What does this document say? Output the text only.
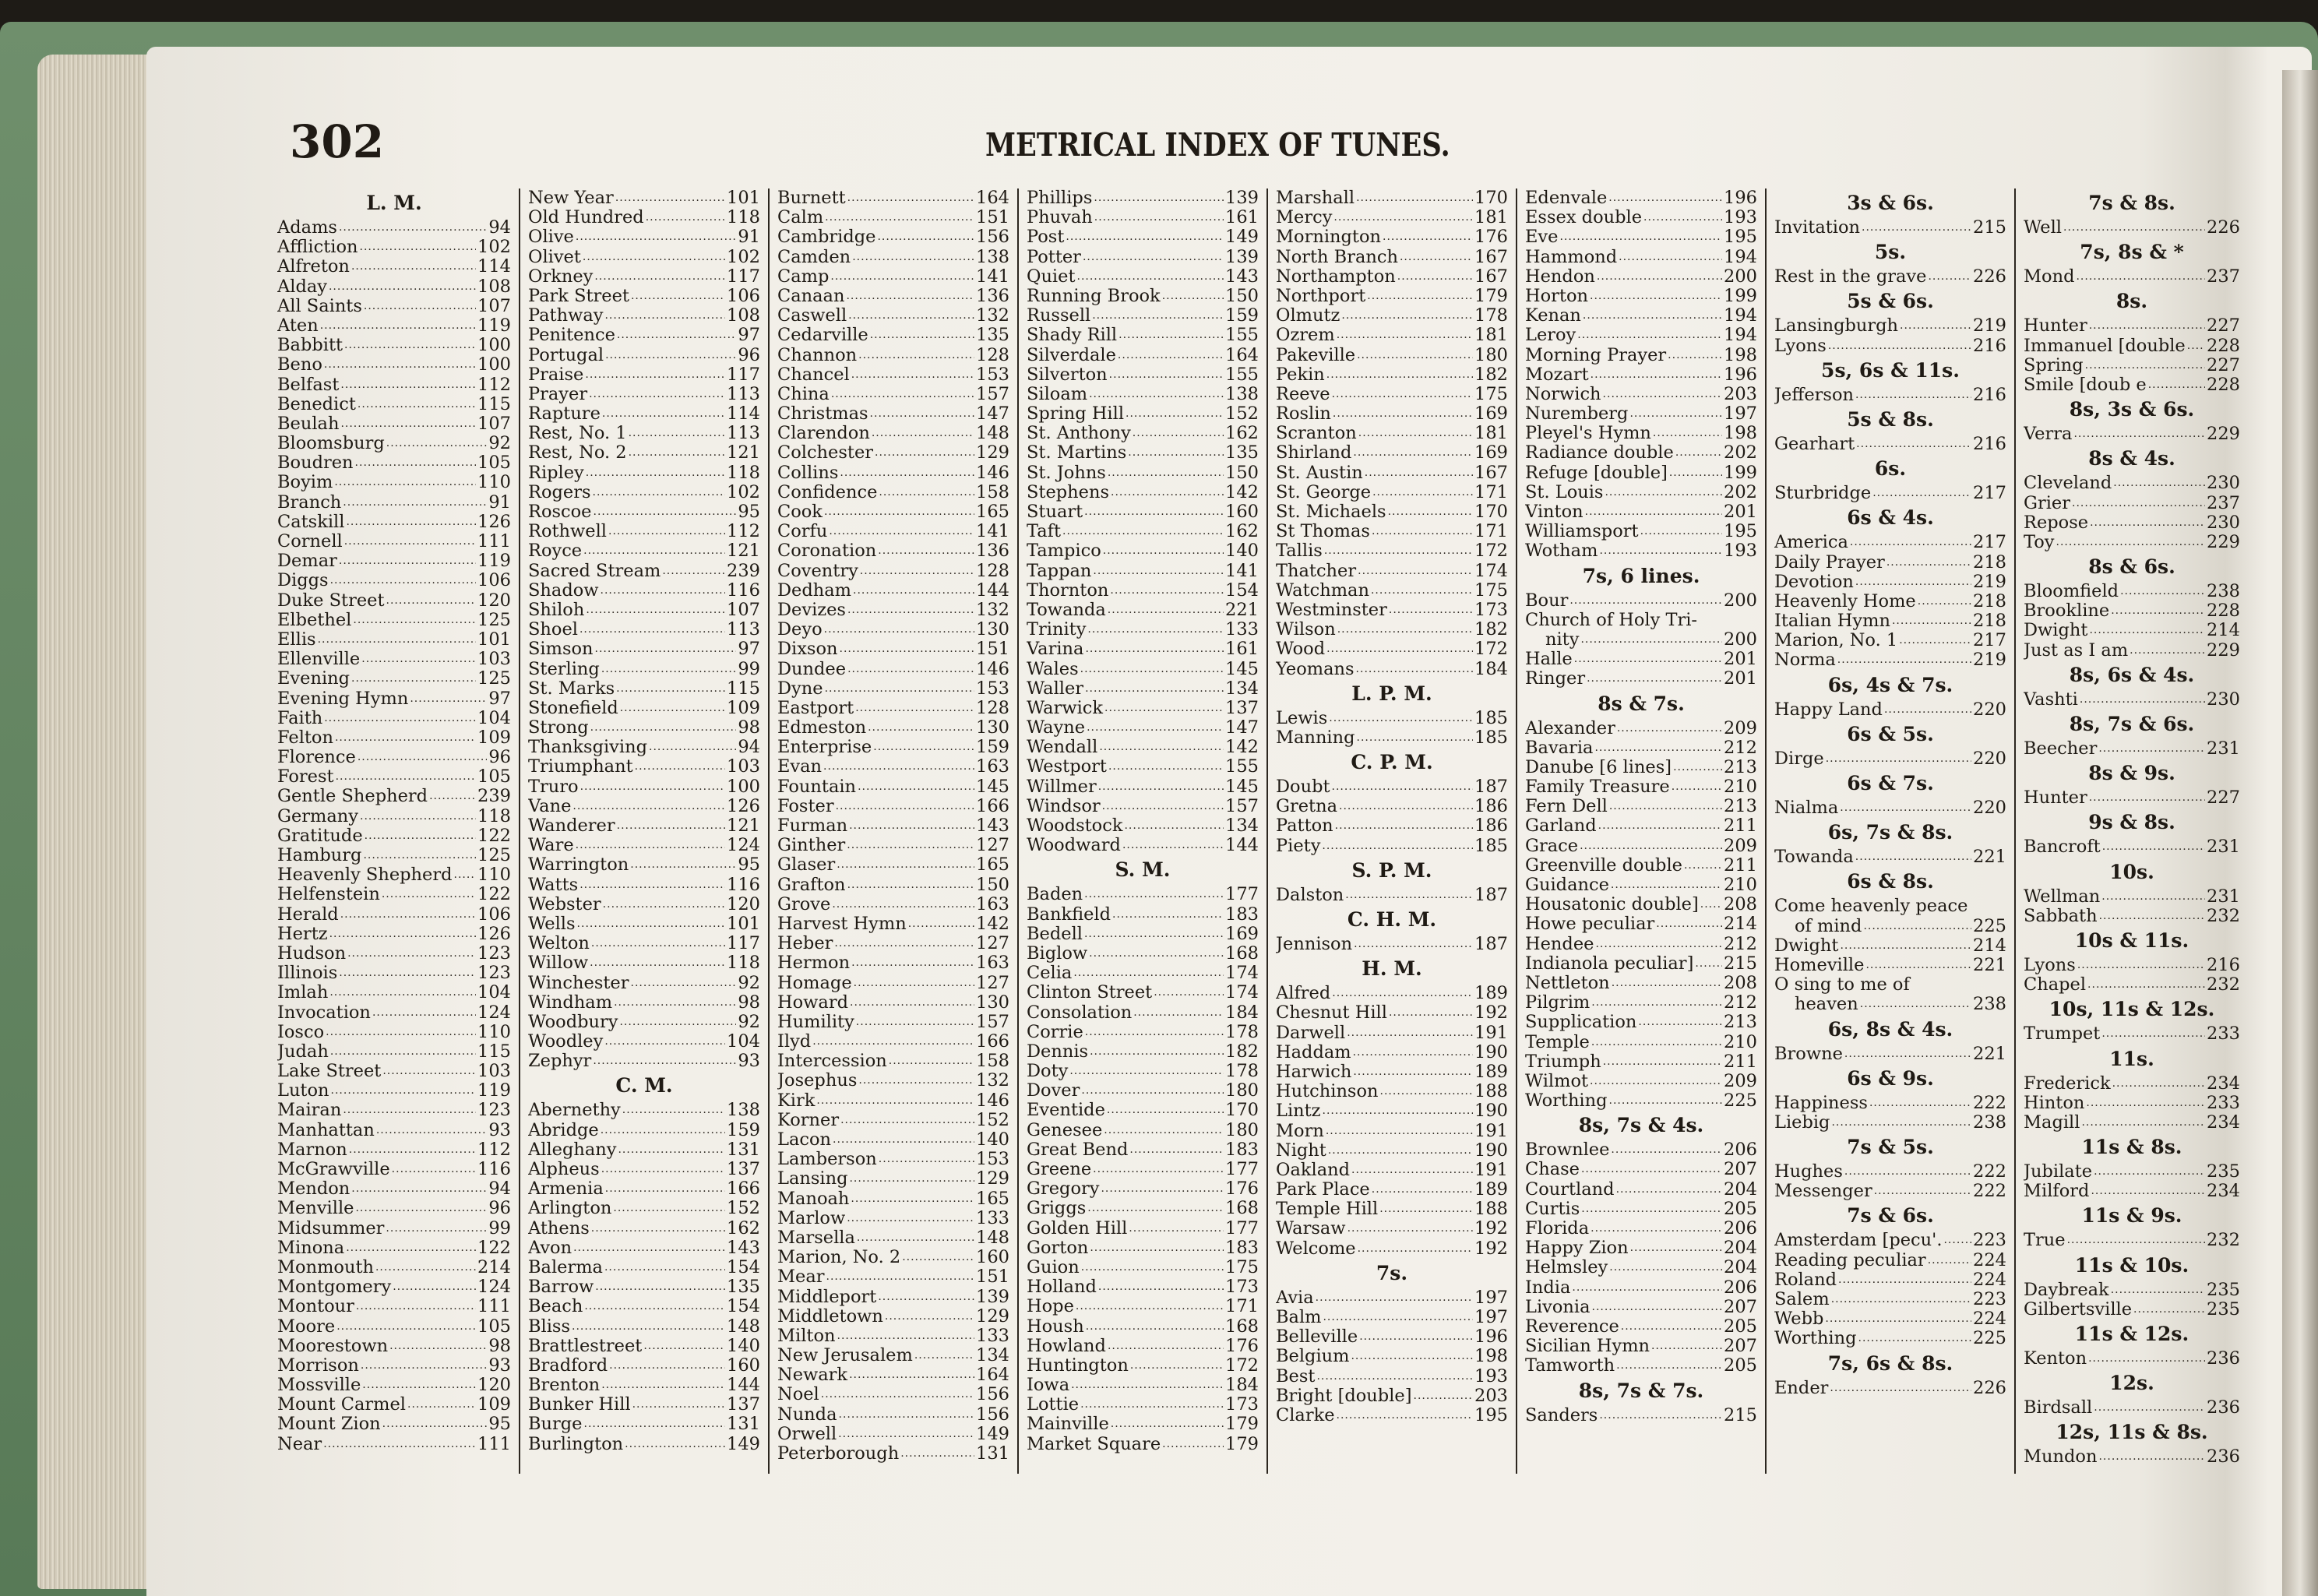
302	METRICAL INDEX OF TUNES.
L. M.
Adams .....	94
Affliction .....	102
Alfreton .....	114
Alday .....	108
All Saints .....	107
Aten .....	119
Babbitt .....	100
Beno .....	100
Belfast .....	112
Benedict .....	115
Beulah .....	107
Bloomsburg .....	92
Boudren .....	105
Boyim .....	110
Branch .....	91
Catskill .....	126
Cornell .....	111
Demar .....	119
Diggs .....	106
Duke Street .....	120
Elbethel .....	125
Ellis .....	101
Ellenville .....	103
Evening .....	125
Evening Hymn .....	97
Faith .....	104
Felton .....	109
Florence .....	96
Forest .....	105
Gentle Shepherd .....	239
Germany .....	118
Gratitude .....	122
Hamburg .....	125
Heavenly Shepherd ..... 110
Helfenstein .....	122
Herald .....	106
Hertz .....	126
Hudson .....	123
Illinois .....	123
Imlah .....	104
Invocation .....	124
Iosco .....	110
Judah .....	115
Lake Street .....	103
Luton .....	119
Mairan .....	123
Manhattan .....	93
Marnon .....	112
McGrawville .....	116
Mendon .....	94
Menville .....	96
Midsummer .....	99
Minona .....	122
Monmouth .....	214
Montgomery .....	124
Montour .....	111
Moore .....	105
Moorestown .....	98
Morrison .....	93
Mossville .....	120
Mount Carmel .....	109
Mount Zion .....	95
Near .....	111
New Year .....	101
Old Hundred .....	118
Olive .....	91
Olivet .....	102
Orkney .....	117
Park Street .....	106
Pathway .....	108
Penitence .....	97
Portugal .....	96
Praise .....	117
Prayer .....	113
Rapture .....	114
Rest, No. 1 .....	113
Rest, No. 2 .....	121
Ripley .....	118
Rogers .....	102
Roscoe .....	95
Rothwell .....	112
Royce .....	121
Sacred Stream .....	239
Shadow .....	116
Shiloh .....	107
Shoel .....	113
Simson .....	97
Sterling .....	99
St. Marks .....	115
Stonefield .....	109
Strong .....	98
Thanksgiving .....	94
Triumphant .....	103
Truro .....	100
Vane .....	126
Wanderer .....	121
Ware .....	124
Warrington .....	95
Watts .....	116
Webster .....	120
Wells .....	101
Welton .....	117
Willow .....	118
Winchester .....	92
Windham .....	98
Woodbury .....	92
Woodley .....	104
Zephyr .....	93
C. M.
Abernethy .....	138
Abridge .....	159
Alleghany .....	131
Alpheus .....	137
Armenia .....	166
Arlington .....	152
Athens .....	162
Avon .....	143
Balerma .....	154
Barrow .....	135
Beach .....	154
Bliss .....	148
Brattlestreet .....	140
Bradford .....	160
Brenton .....	144
Bunker Hill .....	137
Burge .....	131
Burlington .....	149
Burnett .....	164
Calm .....	151
Cambridge .....	156
Camden .....	138
Camp .....	141
Canaan .....	136
Caswell .....	132
Cedarville .....	135
Channon .....	128
Chancel .....	153
China .....	157
Christmas .....	147
Clarendon .....	148
Colchester .....	129
Collins .....	146
Confidence .....	158
Cook .....	165
Corfu .....	141
Coronation .....	136
Coventry .....	128
Dedham .....	144
Devizes .....	132
Deyo .....	130
Dixson .....	151
Dundee .....	146
Dyne .....	153
Eastport .....	128
Edmeston .....	130
Enterprise .....	159
Evan .....	163
Fountain .....	145
Foster .....	166
Furman .....	143
Ginther .....	127
Glaser .....	165
Grafton .....	150
Grove .....	163
Harvest Hymn .....	142
Heber .....	127
Hermon .....	163
Homage .....	127
Howard .....	130
Humility .....	157
Ilyd .....	166
Intercession .....	158
Josephus .....	132
Kirk .....	146
Korner .....	152
Lacon .....	140
Lamberson .....	153
Lansing .....	129
Manoah .....	165
Marlow .....	133
Marsella .....	148
Marion, No. 2 .....	160
Mear .....	151
Middleport .....	139
Middletown .....	129
Milton .....	133
New Jerusalem .....	134
Newark .....	164
Noel .....	156
Nunda .....	156
Orwell .....	149
Peterborough .....	131
Phillips .....	139
Phuvah .....	161
Post .....	149
Potter .....	139
Quiet .....	143
Running Brook .....	150
Russell .....	159
Shady Rill .....	155
Silverdale .....	164
Silverton .....	155
Siloam .....	138
Spring Hill .....	152
St. Anthony .....	162
St. Martins .....	135
St. Johns .....	150
Stephens .....	142
Stuart .....	160
Taft .....	162
Tampico .....	140
Tappan .....	141
Thornton .....	154
Towanda .....	221
Trinity .....	133
Varina .....	161
Wales .....	145
Waller .....	134
Warwick .....	137
Wayne .....	147
Wendall .....	142
Westport .....	155
Willmer .....	145
Windsor .....	157
Woodstock .....	134
Woodward .....	144
S. M.
Baden .....	177
Bankfield .....	183
Bedell .....	169
Biglow .....	168
Celia .....	174
Clinton Street .....	174
Consolation .....	184
Corrie .....	178
Dennis .....	182
Doty .....	178
Dover .....	180
Eventide .....	170
Genesee .....	180
Great Bend .....	183
Greene .....	177
Gregory .....	176
Griggs .....	168
Golden Hill .....	177
Gorton .....	183
Guion .....	175
Holland .....	173
Hope .....	171
Housh .....	168
Howland .....	176
Huntington .....	172
Iowa .....	184
Lottie .....	173
Mainville .....	179
Market Square .....	179
Marshall .....	170
Mercy .....	181
Mornington .....	176
North Branch .....	167
Northampton .....	167
Northport .....	179
Olmutz .....	178
Ozrem .....	181
Pakeville .....	180
Pekin .....	182
Reeve .....	175
Roslin .....	169
Scranton .....	181
Shirland .....	169
St. Austin .....	167
St. George .....	171
St. Michaels .....	170
St Thomas .....	171
Tallis .....	172
Thatcher .....	174
Watchman .....	175
Westminster .....	173
Wilson .....	182
Wood .....	172
Yeomans .....	184
L. P. M.
Lewis .....	185
Manning .....	185
C. P. M.
Doubt .....	187
Gretna .....	186
Patton .....	186
Piety .....	185
S. P. M.
Dalston .....	187
C. H. M.
Jennison .....	187
H. M.
Alfred .....	189
Chesnut Hill .....	192
Darwell .....	191
Haddam .....	190
Harwich .....	189
Hutchinson .....	188
Lintz .....	190
Morn .....	191
Night .....	190
Oakland .....	191
Park Place .....	189
Temple Hill .....	188
Warsaw .....	192
Welcome .....	192
7s.
Avia .....	197
Balm .....	197
Belleville .....	196
Belgium .....	198
Best .....	193
Bright [double] .....	203
Clarke .....	195
Edenvale .....	196
Essex double .....	193
Eve .....	195
Hammond .....	194
Hendon .....	200
Horton .....	199
Kenan .....	194
Leroy .....	194
Morning Prayer .....	198
Mozart .....	196
Norwich .....	203
Nuremberg .....	197
Pleyel's Hymn .....	198
Radiance double .....	202
Refuge [double] .....	199
St. Louis .....	202
Vinton .....	201
Williamsport .....	195
Wotham .....	193
7s, 6 lines.
Bour .....	200
Church of Holy Tri-
nity .....	200
Halle .....	201
Ringer .....	201
8s & 7s.
Alexander .....	209
Bavaria .....	212
Danube [6 lines] .....	213
Family Treasure .....	210
Fern Dell .....	213
Garland .....	211
Grace .....	209
Greenville double ..... 211
Guidance .....	210
Housatonic double] ..... 208
Howe peculiar .....	214
Hendee .....	212
Indianola peculiar] ..... 215
Nettleton .....	208
Pilgrim .....	212
Supplication .....	213
Temple .....	210
Triumph .....	211
Wilmot .....	209
Worthing .....	225
8s, 7s & 4s.
Brownlee .....	206
Chase .....	207
Courtland .....	204
Curtis .....	205
Florida .....	206
Happy Zion .....	204
Helmsley .....	204
India .....	206
Livonia .....	207
Reverence .....	205
Sicilian Hymn .....	207
Tamworth .....	205
8s, 7s & 7s.
Sanders .....	215
3s & 6s.
Invitation .....	215
5s.
Rest in the grave .....	226
5s & 6s.
Lansingburgh .....	219
Lyons .....	216
5s, 6s & 11s.
Jefferson .....	216
5s & 8s.
Gearhart .....	216
6s.
Sturbridge .....	217
6s & 4s.
America .....	217
Daily Prayer .....	218
Devotion .....	219
Heavenly Home .....	218
Italian Hymn .....	218
Marion, No. 1 .....	217
Norma .....	219
6s, 4s & 7s.
Happy Land .....	220
6s & 5s.
Dirge .....	220
6s & 7s.
Nialma .....	220
6s, 7s & 8s.
Towanda .....	221
6s & 8s.
Come heavenly peace
of mind .....	225
Dwight .....	214
Homeville .....	221
O sing to me of
heaven .....	238
6s, 8s & 4s.
Browne .....	221
6s & 9s.
Happiness .....	222
Liebig .....	238
7s & 5s.
Hughes .....	222
Messenger .....	222
7s & 6s.
Amsterdam [pecu'. ..... 223
Reading peculiar .....	224
Roland .....	224
Salem .....	223
Webb .....	224
Worthing .....	225
7s, 6s & 8s.
Ender .....	226
7s & 8s.
Well .....	226
7s, 8s & *
Mond .....	237
8s.
Hunter .....	227
Immanuel [double ..... 228
Spring .....	227
Smile [doub e .....	228
8s, 3s & 6s.
Verra .....	229
8s & 4s.
Cleveland .....	230
Grier .....	237
Repose .....	230
Toy .....	229
8s & 6s.
Bloomfield .....	238
Brookline .....	228
Dwight .....	214
Just as I am .....	229
8s, 6s & 4s.
Vashti .....	230
8s, 7s & 6s.
Beecher .....	231
8s & 9s.
Hunter .....	227
9s & 8s.
Bancroft .....	231
10s.
Wellman .....	231
Sabbath .....	232
10s & 11s.
Lyons .....	216
Chapel .....	232
10s, 11s & 12s.
Trumpet .....	233
11s.
Frederick .....	234
Hinton .....	233
Magill .....	234
11s & 8s.
Jubilate .....	235
Milford .....	234
11s & 9s.
True .....	232
11s & 10s.
Daybreak .....	235
Gilbertsville .....	235
11s & 12s.
Kenton .....	236
12s.
Birdsall .....	236
12s, 11s & 8s.
Mundon .....	236
